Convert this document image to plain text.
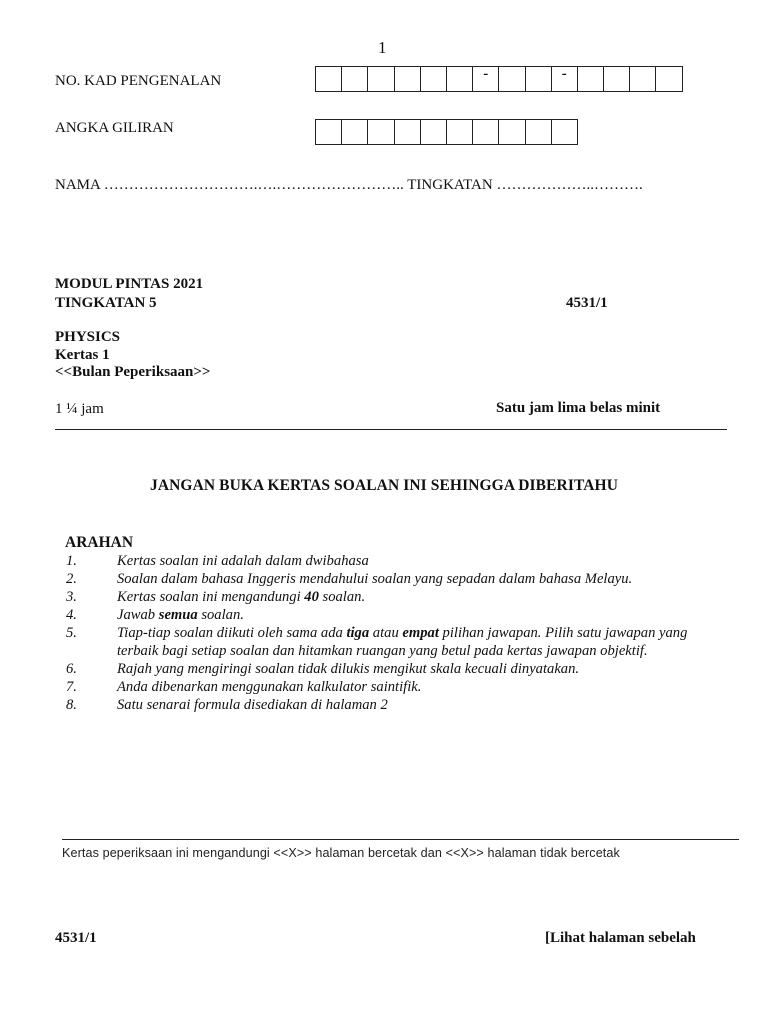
1
NO. KAD PENGENALAN	-	-
ANGKA GILIRAN
NAMA ………………………….….…………………….. TINGKATAN ………………..……….
MODUL PINTAS 2021
TINGKATAN 5	4531/1
PHYSICS
Kertas 1
<<Bulan Peperiksaan>>
1 ¼ jam	Satu jam lima belas minit
JANGAN BUKA KERTAS SOALAN INI SEHINGGA DIBERITAHU
ARAHAN
1.	Kertas soalan ini adalah dalam dwibahasa
2.	Soalan dalam bahasa Inggeris mendahului soalan yang sepadan dalam bahasa Melayu.
3.	Kertas soalan ini mengandungi 40 soalan.
4.	Jawab semua soalan.
5.	Tiap-tiap soalan diikuti oleh sama ada tiga atau empat pilihan jawapan. Pilih satu jawapan yang terbaik bagi setiap soalan dan hitamkan ruangan yang betul pada kertas jawapan objektif.
6.	Rajah yang mengiringi soalan tidak dilukis mengikut skala kecuali dinyatakan.
7.	Anda dibenarkan menggunakan kalkulator saintifik.
8.	Satu senarai formula disediakan di halaman 2
Kertas peperiksaan ini mengandungi <<X>> halaman bercetak dan <<X>> halaman tidak bercetak
4531/1	[Lihat halaman sebelah
